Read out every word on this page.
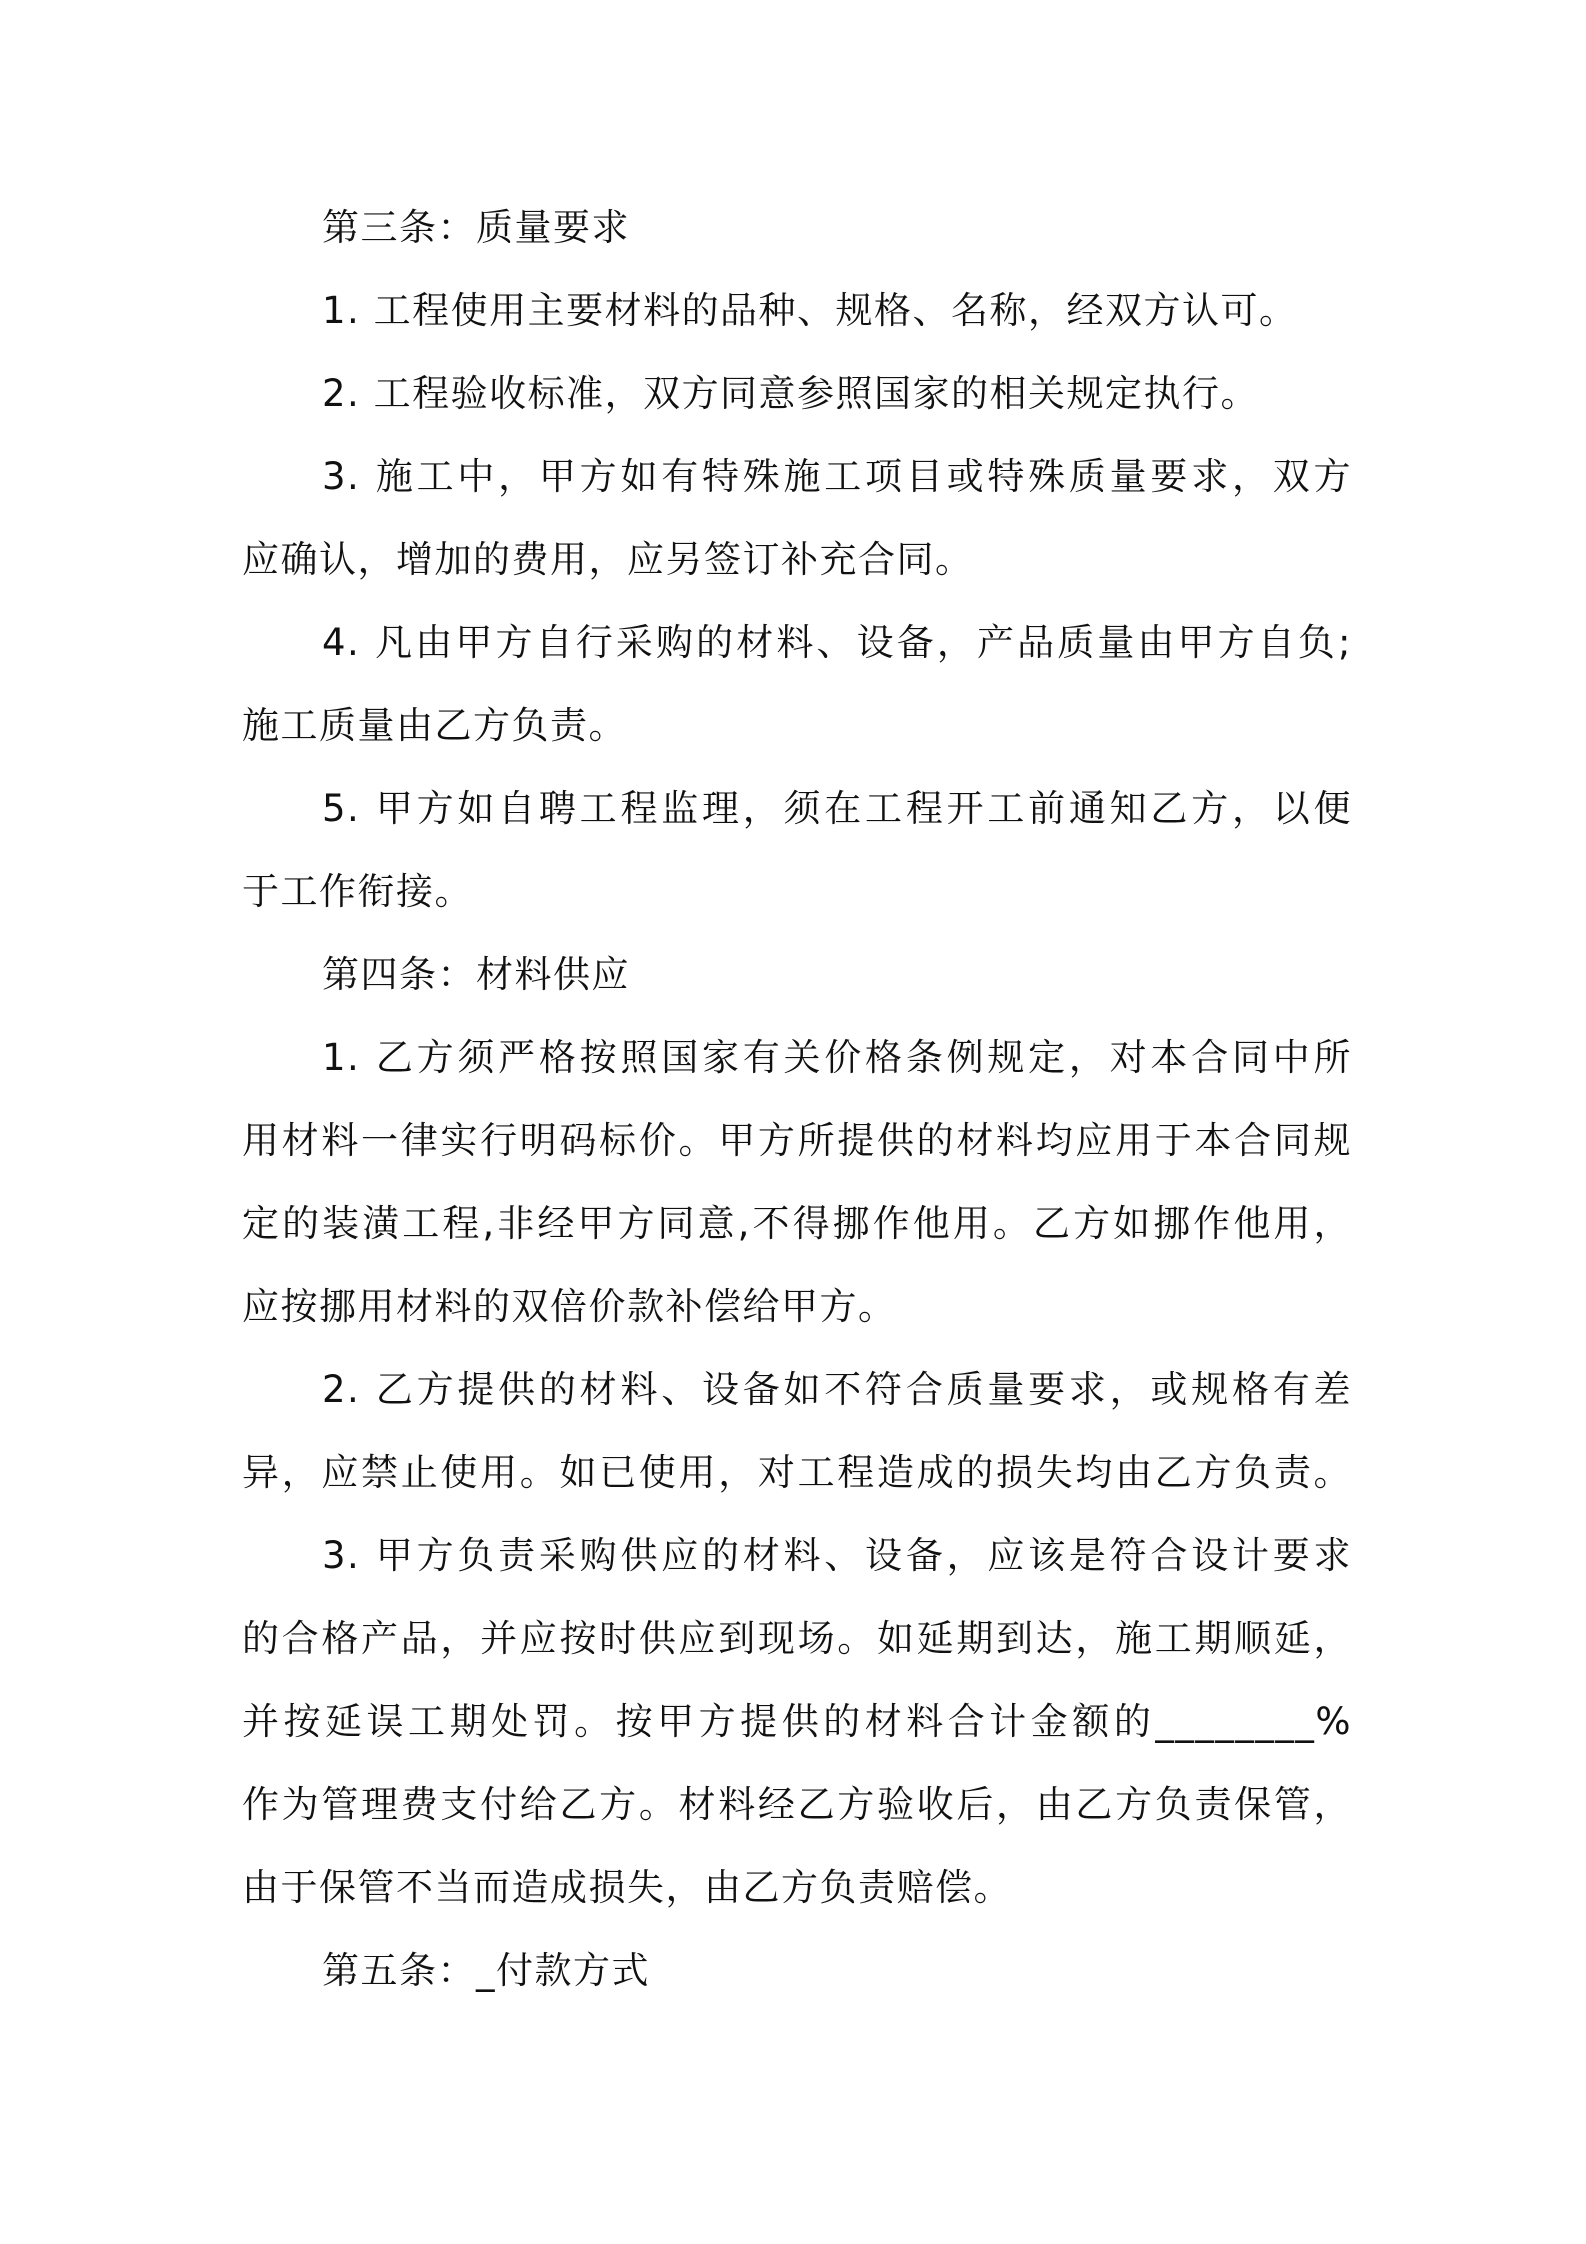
第三条：质量要求
1. 工程使用主要材料的品种、规格、名称，经双方认可。
2. 工程验收标准，双方同意参照国家的相关规定执行。
3. 施工中，甲方如有特殊施工项目或特殊质量要求，双方
应确认，增加的费用，应另签订补充合同。
4. 凡由甲方自行采购的材料、设备，产品质量由甲方自负;
施工质量由乙方负责。
5. 甲方如自聘工程监理，须在工程开工前通知乙方，以便
于工作衔接。
第四条：材料供应
1. 乙方须严格按照国家有关价格条例规定，对本合同中所
用材料一律实行明码标价。甲方所提供的材料均应用于本合同规
定的装潢工程,非经甲方同意,不得挪作他用。乙方如挪作他用，
应按挪用材料的双倍价款补偿给甲方。
2. 乙方提供的材料、设备如不符合质量要求，或规格有差
异，应禁止使用。如已使用，对工程造成的损失均由乙方负责。
3. 甲方负责采购供应的材料、设备，应该是符合设计要求
的合格产品，并应按时供应到现场。如延期到达，施工期顺延，
并按延误工期处罚。按甲方提供的材料合计金额的________%
作为管理费支付给乙方。材料经乙方验收后，由乙方负责保管，
由于保管不当而造成损失，由乙方负责赔偿。
第五条：_付款方式
